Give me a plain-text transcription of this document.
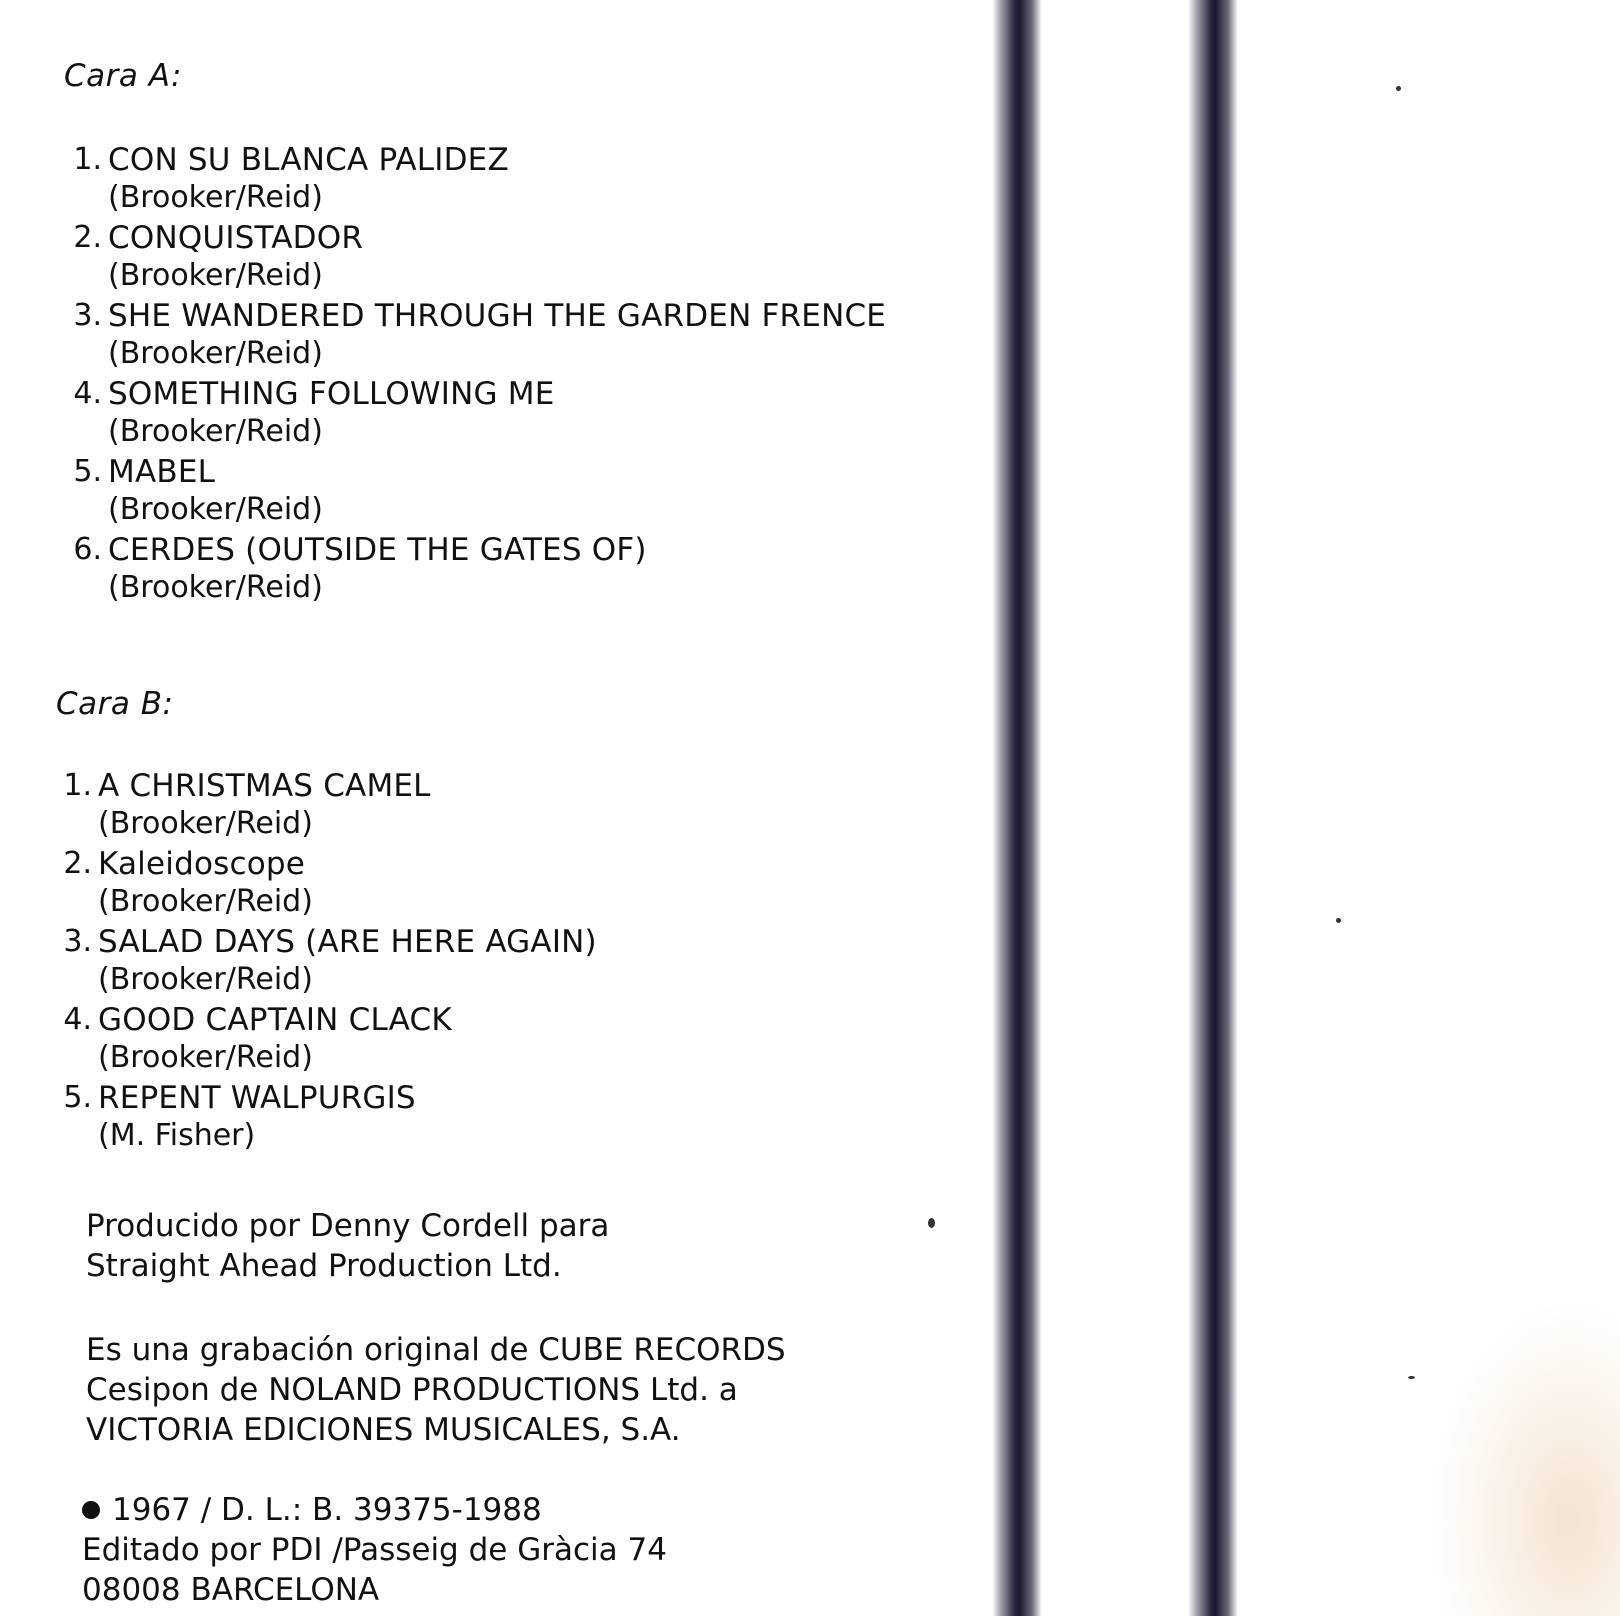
Cara A:
1. CON SU BLANCA PALIDEZ
(Brooker/Reid)
2. CONQUISTADOR
(Brooker/Reid)
3. SHE WANDERED THROUGH THE GARDEN FRENCE
(Brooker/Reid)
4. SOMETHING FOLLOWING ME
(Brooker/Reid)
5. MABEL
(Brooker/Reid)
6. CERDES (OUTSIDE THE GATES OF)
(Brooker/Reid)
Cara B:
1. A CHRISTMAS CAMEL
(Brooker/Reid)
2. Kaleidoscope
(Brooker/Reid)
3. SALAD DAYS (ARE HERE AGAIN)
(Brooker/Reid)
4. GOOD CAPTAIN CLACK
(Brooker/Reid)
5. REPENT WALPURGIS
(M. Fisher)
Producido por Denny Cordell para
Straight Ahead Production Ltd.
Es una grabación original de CUBE RECORDS
Cesipon de NOLAND PRODUCTIONS Ltd. a
VICTORIA EDICIONES MUSICALES, S.A.
1967 / D. L.: B. 39375-1988
Editado por PDI /Passeig de Gràcia 74
08008 BARCELONA
